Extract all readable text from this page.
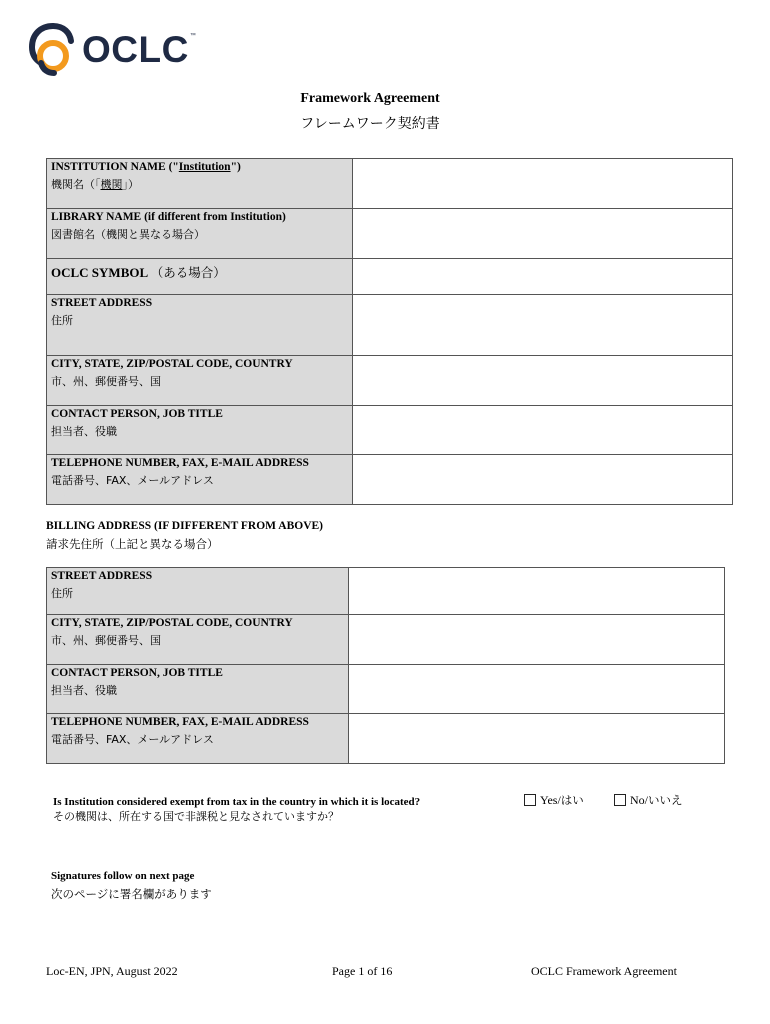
OCLC ™
Framework Agreement
フレームワーク契約書
INSTITUTION NAME ("Institution")
機関名（「機関」）	

LIBRARY NAME (if different from Institution)
図書館名（機関と異なる場合）	

OCLC SYMBOL （ある場合）	

STREET ADDRESS
住所	

CITY, STATE, ZIP/POSTAL CODE, COUNTRY
市、州、郵便番号、国	

CONTACT PERSON, JOB TITLE
担当者、役職	

TELEPHONE NUMBER, FAX, E-MAIL ADDRESS
電話番号、FAX、メールアドレス	

BILLING ADDRESS (IF DIFFERENT FROM ABOVE)
請求先住所（上記と異なる場合）
STREET ADDRESS
住所	

CITY, STATE, ZIP/POSTAL CODE, COUNTRY
市、州、郵便番号、国	

CONTACT PERSON, JOB TITLE
担当者、役職	

TELEPHONE NUMBER, FAX, E-MAIL ADDRESS
電話番号、FAX、メールアドレス	

Is Institution considered exempt from tax in the country in which it is located?
その機関は、所在する国で非課税と見なされていますか？
Yes/ はい	No/ いいえ
Signatures follow on next page
次のページに署名欄があります
Loc-EN, JPN, August 2022	Page 1 of 16	OCLC Framework Agreement
